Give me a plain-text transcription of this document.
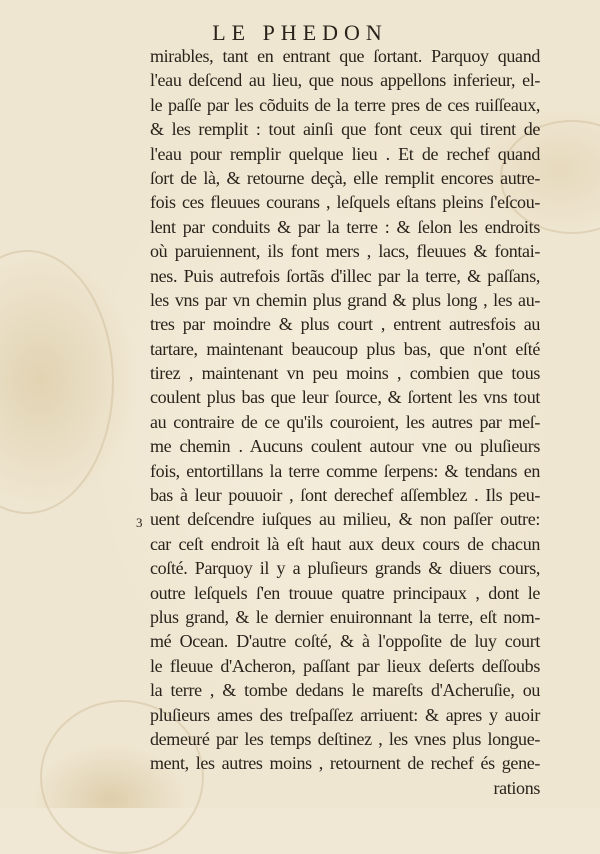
LE PHEDON
3
mirables, tant en entrant que ſortant. Parquoy quand
l'eau deſcend au lieu, que nous appellons inferieur, el-
le paſſe par les cõduits de la terre pres de ces ruiſſeaux,
& les remplit : tout ainſi que font ceux qui tirent de
l'eau pour remplir quelque lieu . Et de rechef quand
ſort de là, & retourne deçà, elle remplit encores autre-
fois ces fleuues courans , leſquels eſtans pleins ſ'eſcou-
lent par conduits & par la terre : & ſelon les endroits
où paruiennent, ils font mers , lacs, fleuues & fontai-
nes. Puis autrefois ſortãs d'illec par la terre, & paſſans,
les vns par vn chemin plus grand & plus long , les au-
tres par moindre & plus court , entrent autresfois au
tartare, maintenant beaucoup plus bas, que n'ont eſté
tirez , maintenant vn peu moins , combien que tous
coulent plus bas que leur ſource, & ſortent les vns tout
au contraire de ce qu'ils couroient, les autres par meſ-
me chemin . Aucuns coulent autour vne ou pluſieurs
fois, entortillans la terre comme ſerpens: & tendans en
bas à leur pouuoir , ſont derechef aſſemblez . Ils peu-
uent deſcendre iuſques au milieu, & non paſſer outre:
car ceſt endroit là eſt haut aux deux cours de chacun
coſté. Parquoy il y a pluſieurs grands & diuers cours,
outre leſquels ſ'en trouue quatre principaux , dont le
plus grand, & le dernier enuironnant la terre, eſt nom-
mé Ocean. D'autre coſté, & à l'oppoſite de luy court
le fleuue d'Acheron, paſſant par lieux deſerts deſſoubs
la terre , & tombe dedans le mareſts d'Acheruſie, ou
pluſieurs ames des treſpaſſez arriuent: & apres y auoir
demeuré par les temps deſtinez , les vnes plus longue-
ment, les autres moins , retournent de rechef és gene-
rations
